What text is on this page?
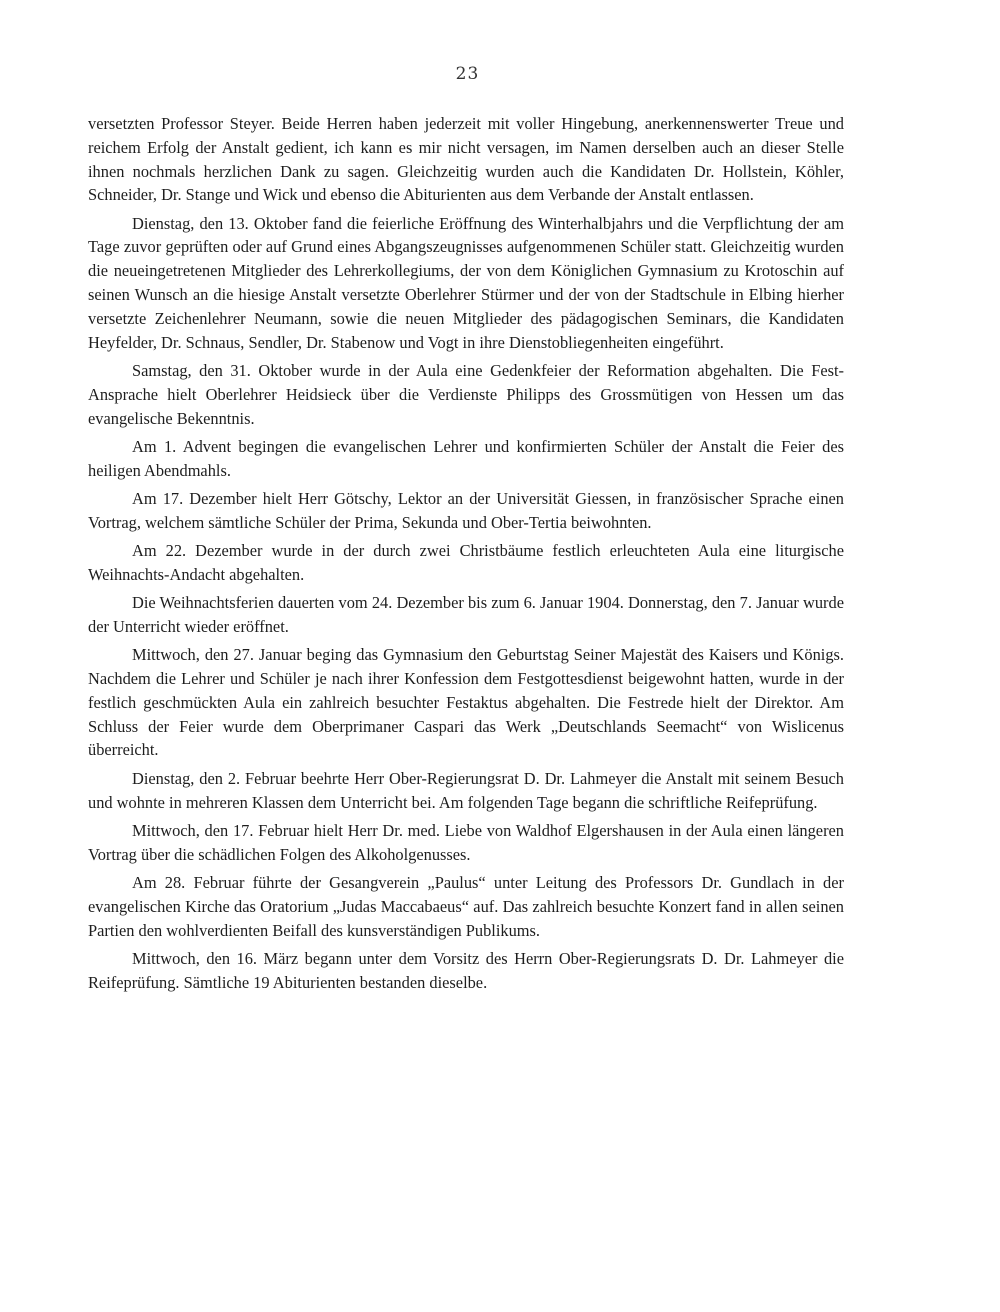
23

versetzten Professor Steyer. Beide Herren haben jederzeit mit voller Hingebung, anerkennenswerter Treue und reichem Erfolg der Anstalt gedient, ich kann es mir nicht versagen, im Namen derselben auch an dieser Stelle ihnen nochmals herzlichen Dank zu sagen. Gleichzeitig wurden auch die Kandidaten Dr. Hollstein, Köhler, Schneider, Dr. Stange und Wick und ebenso die Abiturienten aus dem Verbande der Anstalt entlassen.

Dienstag, den 13. Oktober fand die feierliche Eröffnung des Winterhalbjahrs und die Verpflichtung der am Tage zuvor geprüften oder auf Grund eines Abgangszeugnisses aufgenommenen Schüler statt. Gleichzeitig wurden die neueingetretenen Mitglieder des Lehrerkollegiums, der von dem Königlichen Gymnasium zu Krotoschin auf seinen Wunsch an die hiesige Anstalt versetzte Oberlehrer Stürmer und der von der Stadtschule in Elbing hierher versetzte Zeichenlehrer Neumann, sowie die neuen Mitglieder des pädagogischen Seminars, die Kandidaten Heyfelder, Dr. Schnaus, Sendler, Dr. Stabenow und Vogt in ihre Dienstobliegenheiten eingeführt.

Samstag, den 31. Oktober wurde in der Aula eine Gedenkfeier der Reformation abgehalten. Die Fest-Ansprache hielt Oberlehrer Heidsieck über die Verdienste Philipps des Grossmütigen von Hessen um das evangelische Bekenntnis.

Am 1. Advent begingen die evangelischen Lehrer und konfirmierten Schüler der Anstalt die Feier des heiligen Abendmahls.

Am 17. Dezember hielt Herr Götschy, Lektor an der Universität Giessen, in französischer Sprache einen Vortrag, welchem sämtliche Schüler der Prima, Sekunda und Ober-Tertia beiwohnten.

Am 22. Dezember wurde in der durch zwei Christbäume festlich erleuchteten Aula eine liturgische Weihnachts-Andacht abgehalten.

Die Weihnachtsferien dauerten vom 24. Dezember bis zum 6. Januar 1904. Donnerstag, den 7. Januar wurde der Unterricht wieder eröffnet.

Mittwoch, den 27. Januar beging das Gymnasium den Geburtstag Seiner Majestät des Kaisers und Königs. Nachdem die Lehrer und Schüler je nach ihrer Konfession dem Festgottesdienst beigewohnt hatten, wurde in der festlich geschmückten Aula ein zahlreich besuchter Festaktus abgehalten. Die Festrede hielt der Direktor. Am Schluss der Feier wurde dem Oberprimaner Caspari das Werk „Deutschlands Seemacht“ von Wislicenus überreicht.

Dienstag, den 2. Februar beehrte Herr Ober-Regierungsrat D. Dr. Lahmeyer die Anstalt mit seinem Besuch und wohnte in mehreren Klassen dem Unterricht bei. Am folgenden Tage begann die schriftliche Reifeprüfung.

Mittwoch, den 17. Februar hielt Herr Dr. med. Liebe von Waldhof Elgershausen in der Aula einen längeren Vortrag über die schädlichen Folgen des Alkoholgenusses.

Am 28. Februar führte der Gesangverein „Paulus“ unter Leitung des Professors Dr. Gundlach in der evangelischen Kirche das Oratorium „Judas Maccabaeus“ auf. Das zahlreich besuchte Konzert fand in allen seinen Partien den wohlverdienten Beifall des kunsverständigen Publikums.

Mittwoch, den 16. März begann unter dem Vorsitz des Herrn Ober-Regierungsrats D. Dr. Lahmeyer die Reifeprüfung. Sämtliche 19 Abiturienten bestanden dieselbe.
